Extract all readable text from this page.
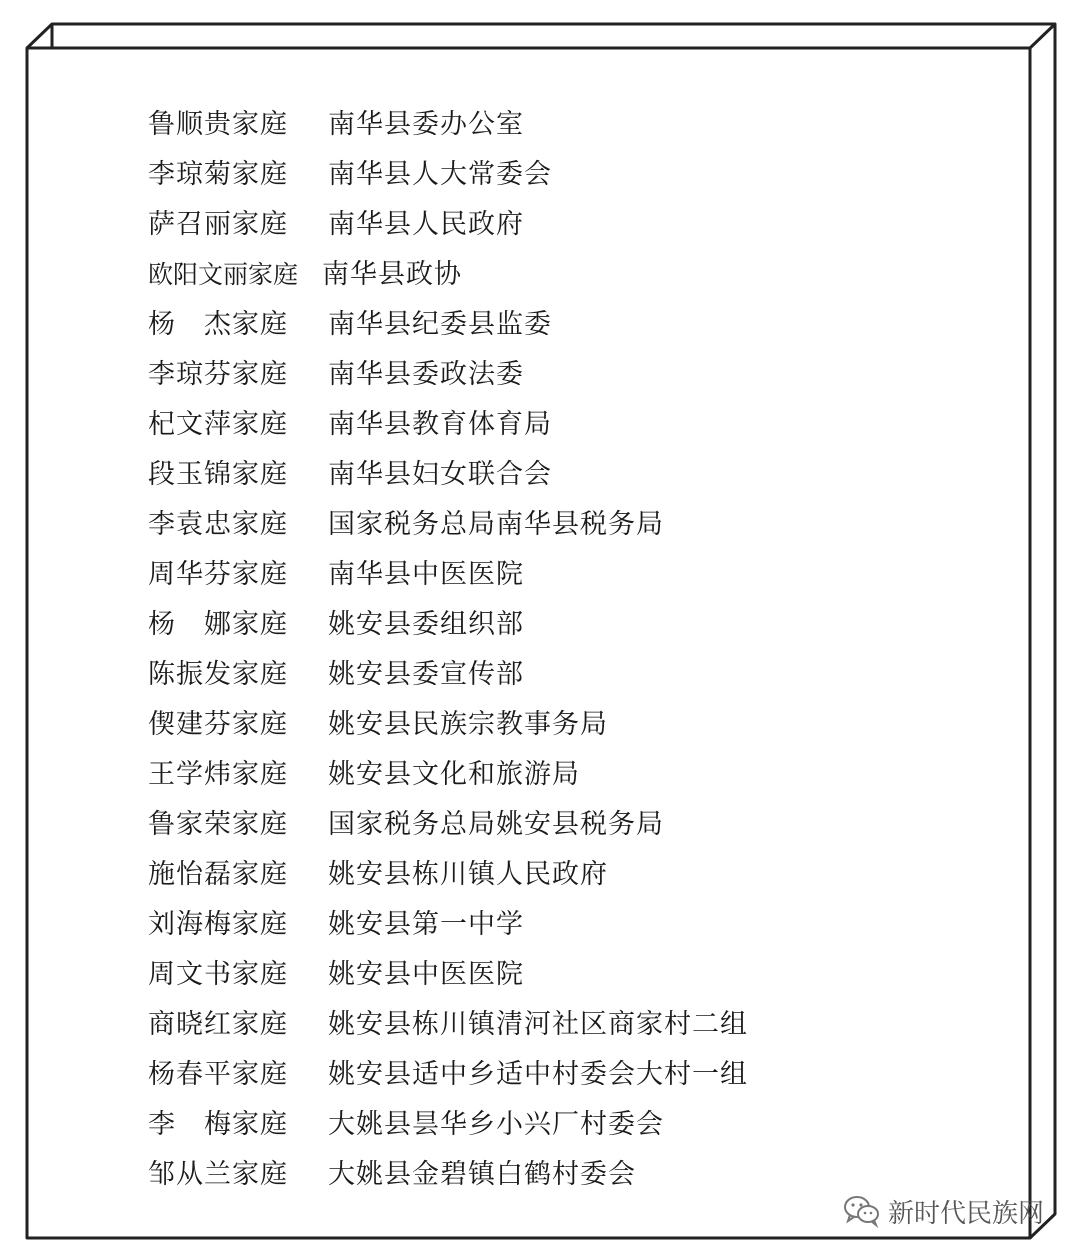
鲁顺贵家庭 南华县委办公室
李琼菊家庭 南华县人大常委会
萨召丽家庭 南华县人民政府
欧阳文丽家庭 南华县政协
杨　杰家庭 南华县纪委县监委
李琼芬家庭 南华县委政法委
杞文萍家庭 南华县教育体育局
段玉锦家庭 南华县妇女联合会
李袁忠家庭 国家税务总局南华县税务局
周华芬家庭 南华县中医医院
杨　娜家庭 姚安县委组织部
陈振发家庭 姚安县委宣传部
偰建芬家庭 姚安县民族宗教事务局
王学炜家庭 姚安县文化和旅游局
鲁家荣家庭 国家税务总局姚安县税务局
施怡磊家庭 姚安县栋川镇人民政府
刘海梅家庭 姚安县第一中学
周文书家庭 姚安县中医医院
商晓红家庭 姚安县栋川镇清河社区商家村二组
杨春平家庭 姚安县适中乡适中村委会大村一组
李　梅家庭 大姚县昙华乡小兴厂村委会
邹从兰家庭 大姚县金碧镇白鹤村委会
新时代民族网
